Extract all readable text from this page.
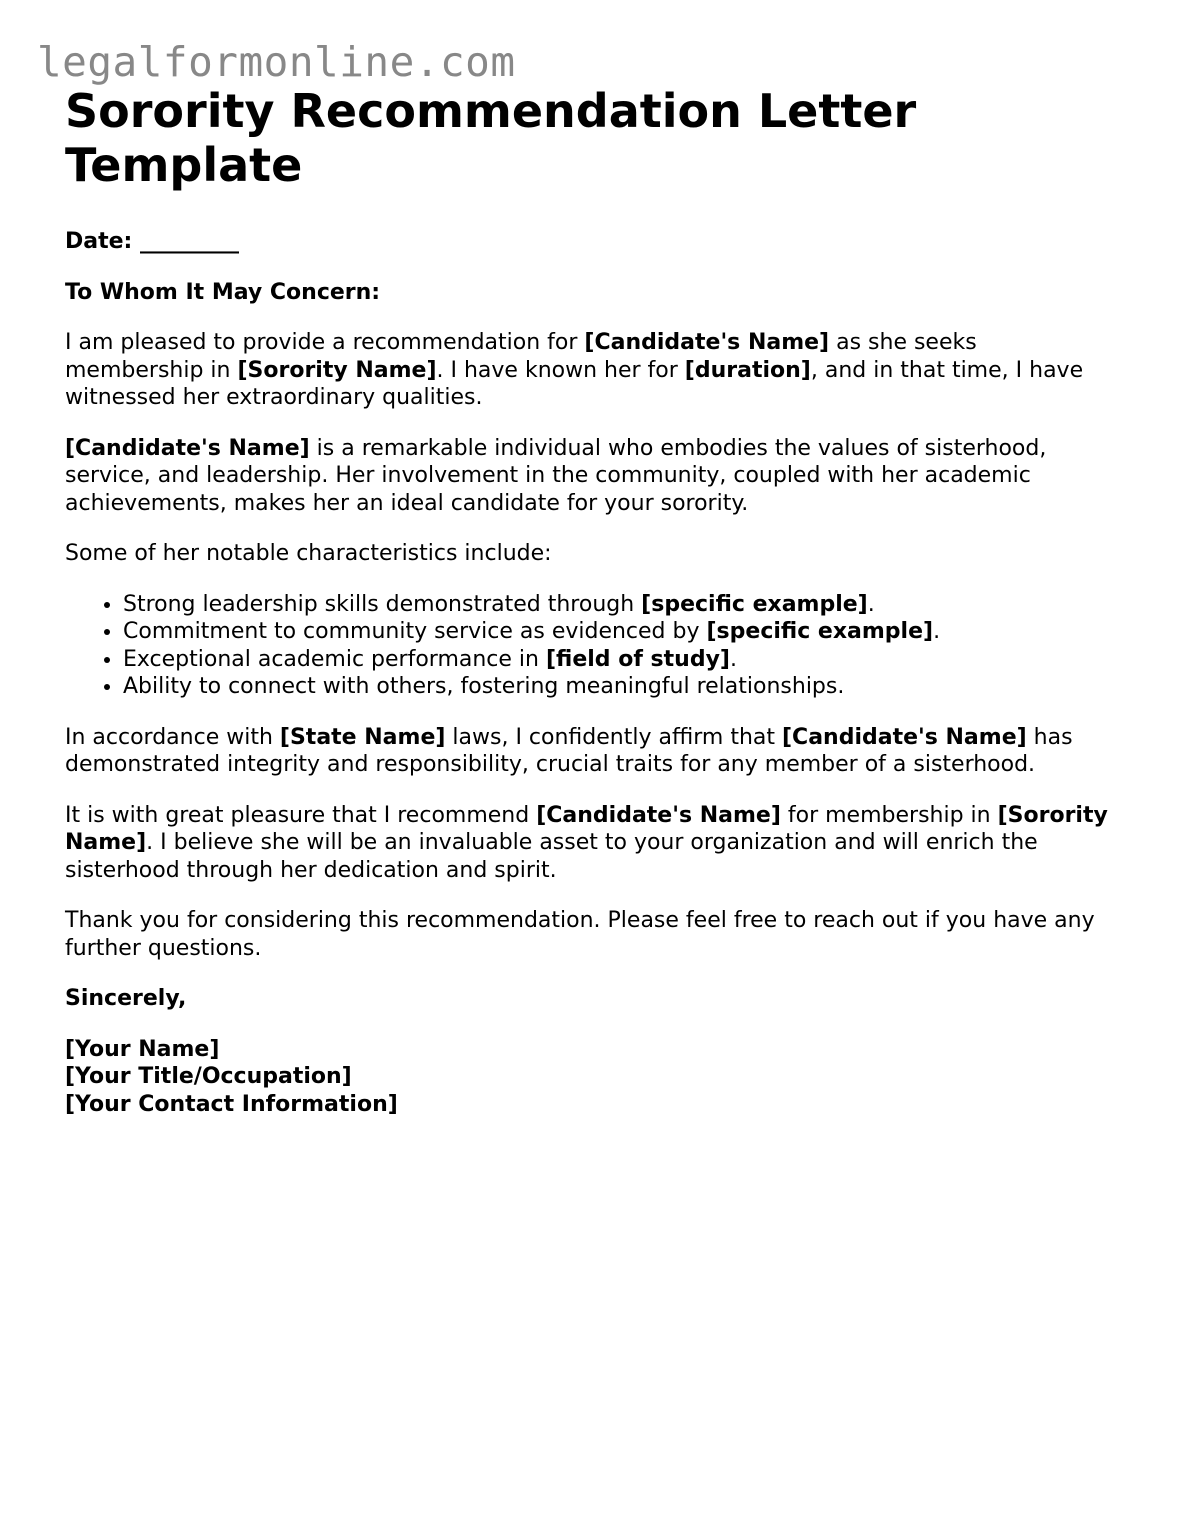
legalformonline.com
Sorority Recommendation Letter Template

Date: _________

To Whom It May Concern:

I am pleased to provide a recommendation for [Candidate's Name] as she seeks membership in [Sorority Name]. I have known her for [duration], and in that time, I have witnessed her extraordinary qualities.

[Candidate's Name] is a remarkable individual who embodies the values of sisterhood, service, and leadership. Her involvement in the community, coupled with her academic achievements, makes her an ideal candidate for your sorority.

Some of her notable characteristics include:

• Strong leadership skills demonstrated through [specific example].
• Commitment to community service as evidenced by [specific example].
• Exceptional academic performance in [field of study].
• Ability to connect with others, fostering meaningful relationships.

In accordance with [State Name] laws, I confidently affirm that [Candidate's Name] has demonstrated integrity and responsibility, crucial traits for any member of a sisterhood.

It is with great pleasure that I recommend [Candidate's Name] for membership in [Sorority Name]. I believe she will be an invaluable asset to your organization and will enrich the sisterhood through her dedication and spirit.

Thank you for considering this recommendation. Please feel free to reach out if you have any further questions.

Sincerely,

[Your Name]
[Your Title/Occupation]
[Your Contact Information]
